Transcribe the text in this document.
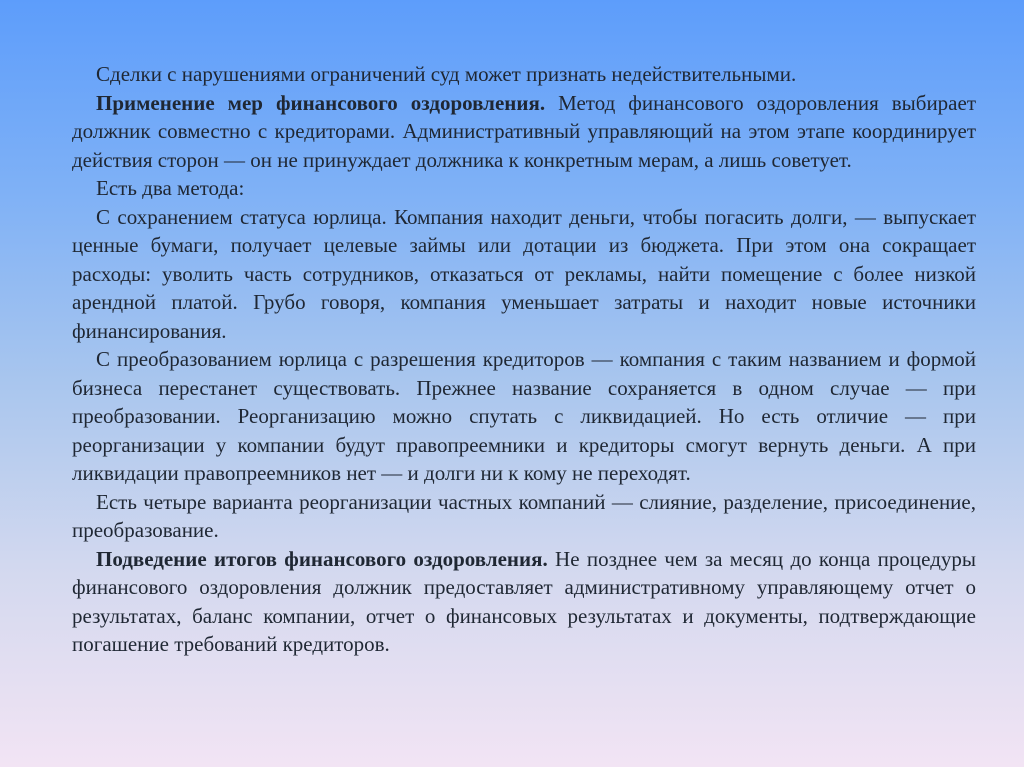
Сделки с нарушениями ограничений суд может признать недействительными.

Применение мер финансового оздоровления. Метод финансового оздоровления выбирает должник совместно с кредиторами. Административный управляющий на этом этапе координирует действия сторон — он не принуждает должника к конкретным мерам, а лишь советует.

Есть два метода:

С сохранением статуса юрлица. Компания находит деньги, чтобы погасить долги, — выпускает ценные бумаги, получает целевые займы или дотации из бюджета. При этом она сокращает расходы: уволить часть сотрудников, отказаться от рекламы, найти помещение с более низкой арендной платой. Грубо говоря, компания уменьшает затраты и находит новые источники финансирования.

С преобразованием юрлица с разрешения кредиторов — компания с таким названием и формой бизнеса перестанет существовать. Прежнее название сохраняется в одном случае — при преобразовании. Реорганизацию можно спутать с ликвидацией. Но есть отличие — при реорганизации у компании будут правопреемники и кредиторы смогут вернуть деньги. А при ликвидации правопреемников нет — и долги ни к кому не переходят.

Есть четыре варианта реорганизации частных компаний — слияние, разделение, присоединение, преобразование.

Подведение итогов финансового оздоровления. Не позднее чем за месяц до конца процедуры финансового оздоровления должник предоставляет административному управляющему отчет о результатах, баланс компании, отчет о финансовых результатах и документы, подтверждающие погашение требований кредиторов.
